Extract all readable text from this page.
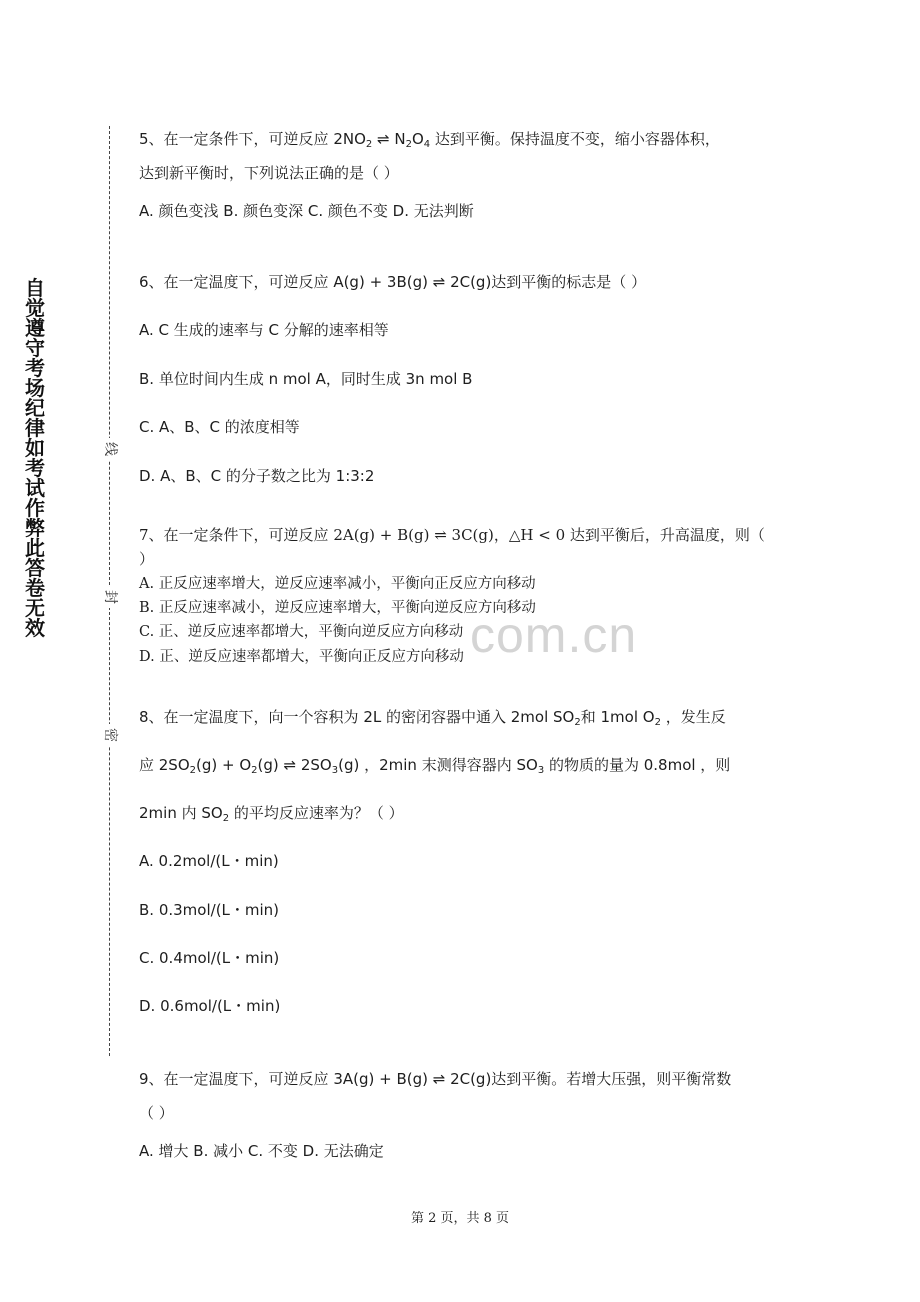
自觉遵守考场纪律如考试作弊此答卷无效
线
封
密
com.cn
5、在一定条件下，可逆反应 $2NO_2$ ⇌ $N_2O_4$ 达到平衡。保持温度不变，缩小容器体积，
达到新平衡时，下列说法正确的是（ ）
A. 颜色变浅 B. 颜色变深 C. 颜色不变 D. 无法判断
6、在一定温度下，可逆反应 A(g) + 3B(g) ⇌ 2C(g)达到平衡的标志是（ ）
A. C 生成的速率与 C 分解的速率相等
B. 单位时间内生成 n mol A，同时生成 3n mol B
C. A、B、C 的浓度相等
D. A、B、C 的分子数之比为 1:3:2
7、在一定条件下，可逆反应 2A(g) + B(g) ⇌ 3C(g)，△H < 0 达到平衡后，升高温度，则（
）
A. 正反应速率增大，逆反应速率减小，平衡向正反应方向移动
B. 正反应速率减小，逆反应速率增大，平衡向逆反应方向移动
C. 正、逆反应速率都增大，平衡向逆反应方向移动
D. 正、逆反应速率都增大，平衡向正反应方向移动
8、在一定温度下，向一个容积为 2L 的密闭容器中通入 2mol $SO_2$和 1mol $O_2$ ，发生反
应 $2SO_2(g) + O_2(g)$ ⇌ $2SO_3(g)$ ，2min 末测得容器内 $SO_3$ 的物质的量为 0.8mol ，则
2min 内 $SO_2$ 的平均反应速率为？（ ）
A. 0.2mol/(L・min)
B. 0.3mol/(L・min)
C. 0.4mol/(L・min)
D. 0.6mol/(L・min)
9、在一定温度下，可逆反应 3A(g) + B(g) ⇌ 2C(g)达到平衡。若增大压强，则平衡常数
（ ）
A. 增大 B. 减小 C. 不变 D. 无法确定
第 2 页，共 8 页
